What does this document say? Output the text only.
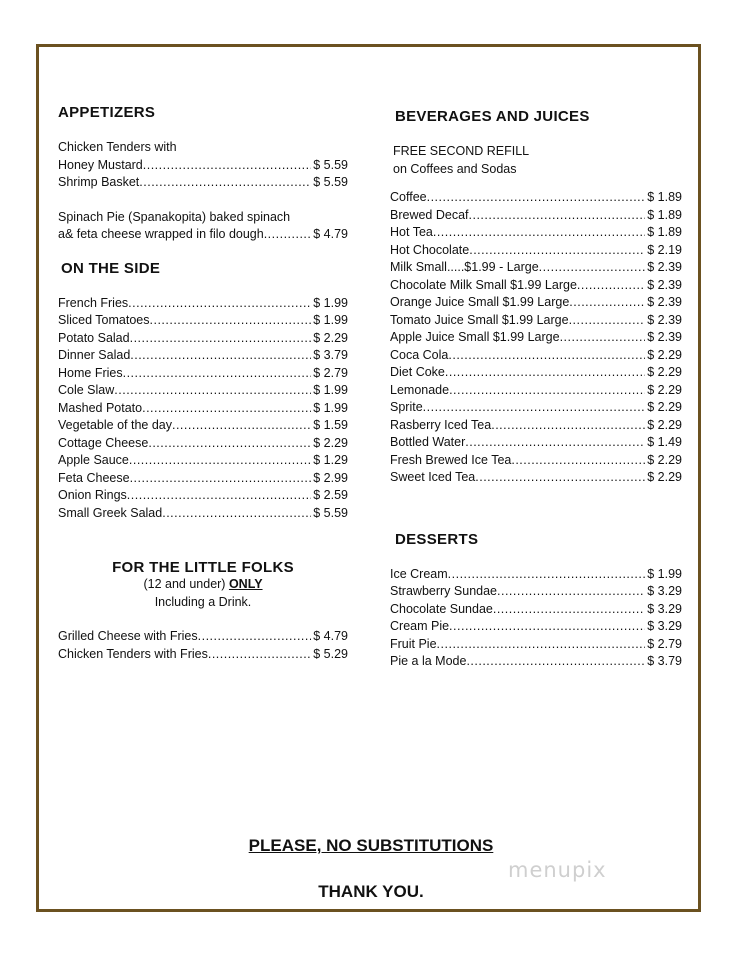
APPETIZERS
Chicken Tenders with
Honey Mustard .....	$ 5.59
Shrimp Basket .....	$ 5.59
Spinach Pie (Spanakopita) baked spinach
a& feta cheese wrapped in filo dough .....	$ 4.79
ON THE SIDE
French Fries .....	$ 1.99
Sliced Tomatoes .....	$ 1.99
Potato Salad .....	$ 2.29
Dinner Salad .....	$ 3.79
Home Fries .....	$ 2.79
Cole Slaw .....	$ 1.99
Mashed Potato .....	$ 1.99
Vegetable of the day .....	$ 1.59
Cottage Cheese .....	$ 2.29
Apple Sauce .....	$ 1.29
Feta Cheese .....	$ 2.99
Onion Rings .....	$ 2.59
Small Greek Salad .....	$ 5.59
FOR THE LITTLE FOLKS
(12 and under) ONLY
Including a Drink.
Grilled Cheese with Fries .....	$ 4.79
Chicken Tenders with Fries .....	$ 5.29
BEVERAGES AND JUICES
FREE SECOND REFILL
on Coffees and Sodas
Coffee .....	$ 1.89
Brewed Decaf .....	$ 1.89
Hot Tea .....	$ 1.89
Hot Chocolate .....	$ 2.19
Milk Small.....$1.99 - Large .....	$ 2.39
Chocolate Milk Small $1.99 Large .....	$ 2.39
Orange Juice Small $1.99 Large .....	$ 2.39
Tomato Juice Small $1.99 Large .....	$ 2.39
Apple Juice Small $1.99 Large .....	$ 2.39
Coca Cola .....	$ 2.29
Diet Coke .....	$ 2.29
Lemonade .....	$ 2.29
Sprite .....	$ 2.29
Rasberry Iced Tea .....	$ 2.29
Bottled Water .....	$ 1.49
Fresh Brewed Ice Tea .....	$ 2.29
Sweet Iced Tea .....	$ 2.29
DESSERTS
Ice Cream .....	$ 1.99
Strawberry Sundae .....	$ 3.29
Chocolate Sundae .....	$ 3.29
Cream Pie .....	$ 3.29
Fruit Pie .....	$ 2.79
Pie a la Mode .....	$ 3.79
PLEASE, NO SUBSTITUTIONS
THANK YOU.
menupix
